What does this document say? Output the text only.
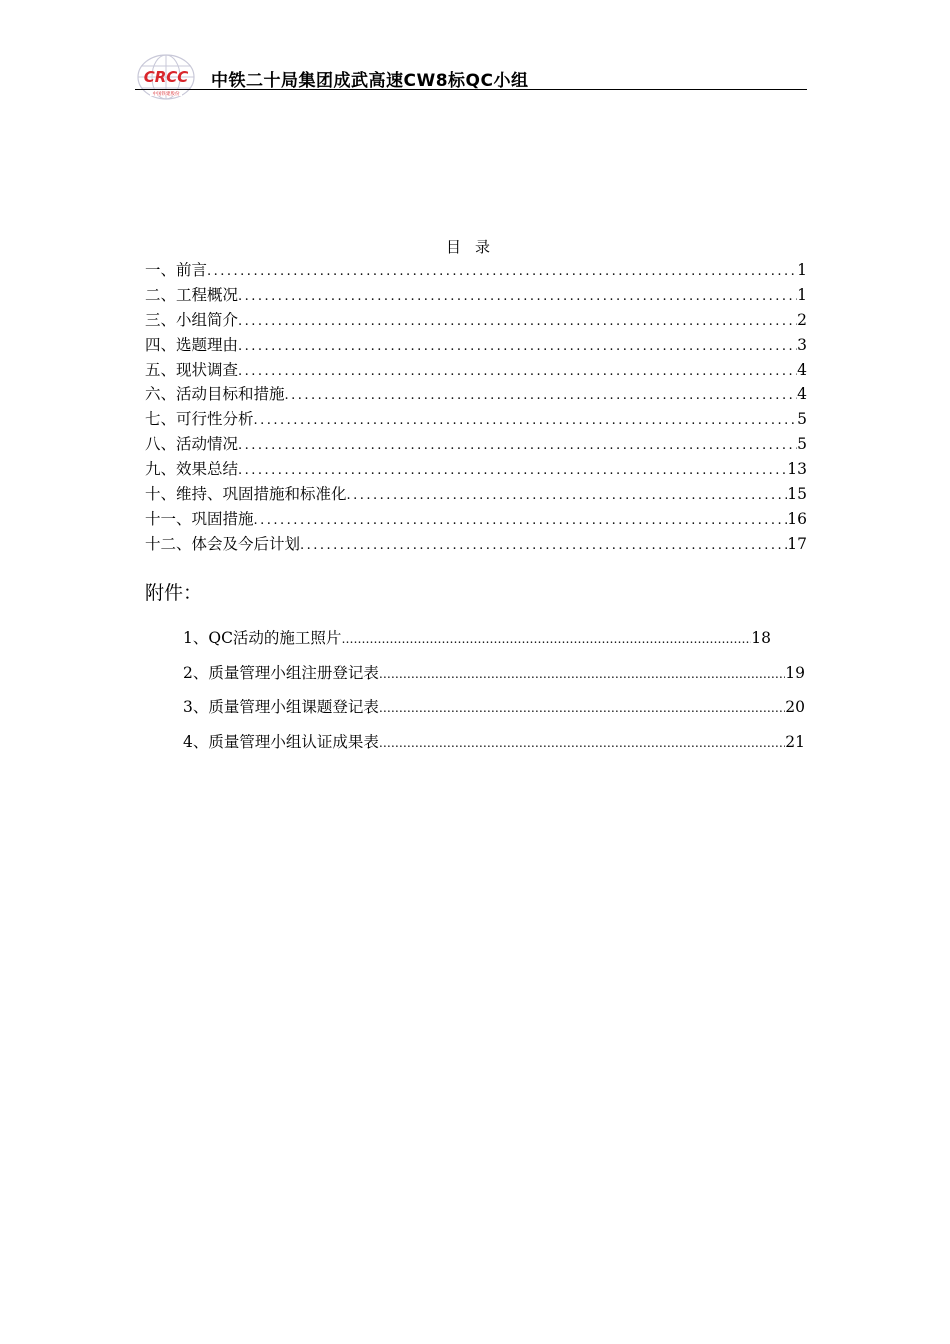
CRCC
中国铁建股份
中铁二十局集团成武高速CW8标QC小组
目录
一、前言 .....	1
二、工程概况 .....	1
三、小组简介 .....	2
四、选题理由 .....	3
五、现状调查 .....	4
六、活动目标和措施 .....	4
七、可行性分析 .....	5
八、活动情况 .....	5
九、效果总结 .....	13
十、维持、巩固措施和标准化 .....	15
十一、巩固措施 .....	16
十二、体会及今后计划 .....	17
附件：
1、QC活动的施工照片 ……………………………………………………………………………………………………………………………………………………	18
2、质量管理小组注册登记表 ……………………………………………………………………………………………………………………………………………………	19
3、质量管理小组课题登记表 ……………………………………………………………………………………………………………………………………………………	20
4、质量管理小组认证成果表 ……………………………………………………………………………………………………………………………………………………	21
